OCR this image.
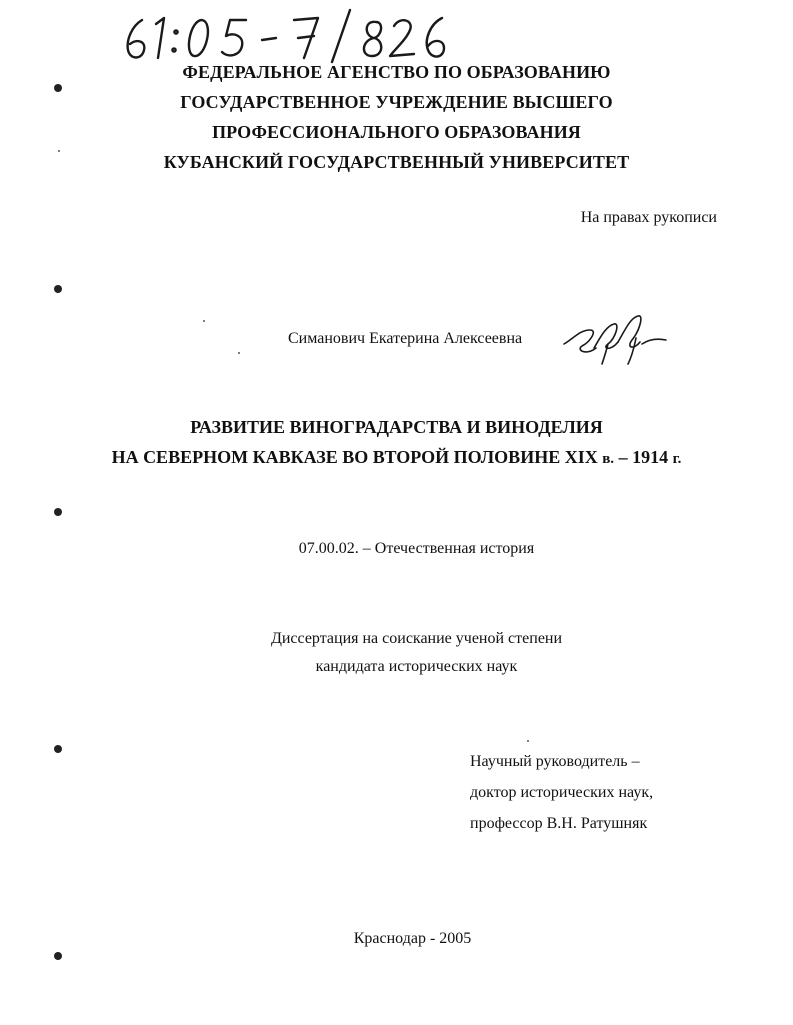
ФЕДЕРАЛЬНОЕ АГЕНСТВО ПО ОБРАЗОВАНИЮ
ГОСУДАРСТВЕННОЕ УЧРЕЖДЕНИЕ ВЫСШЕГО
ПРОФЕССИОНАЛЬНОГО ОБРАЗОВАНИЯ
КУБАНСКИЙ ГОСУДАРСТВЕННЫЙ УНИВЕРСИТЕТ
На правах рукописи
Симанович Екатерина Алексеевна
РАЗВИТИЕ ВИНОГРАДАРСТВА И ВИНОДЕЛИЯ
НА СЕВЕРНОМ КАВКАЗЕ ВО ВТОРОЙ ПОЛОВИНЕ XIX в. – 1914 г.
07.00.02. – Отечественная история
Диссертация на соискание ученой степени
кандидата исторических наук
Научный руководитель –
доктор исторических наук,
профессор В.Н. Ратушняк
Краснодар - 2005
